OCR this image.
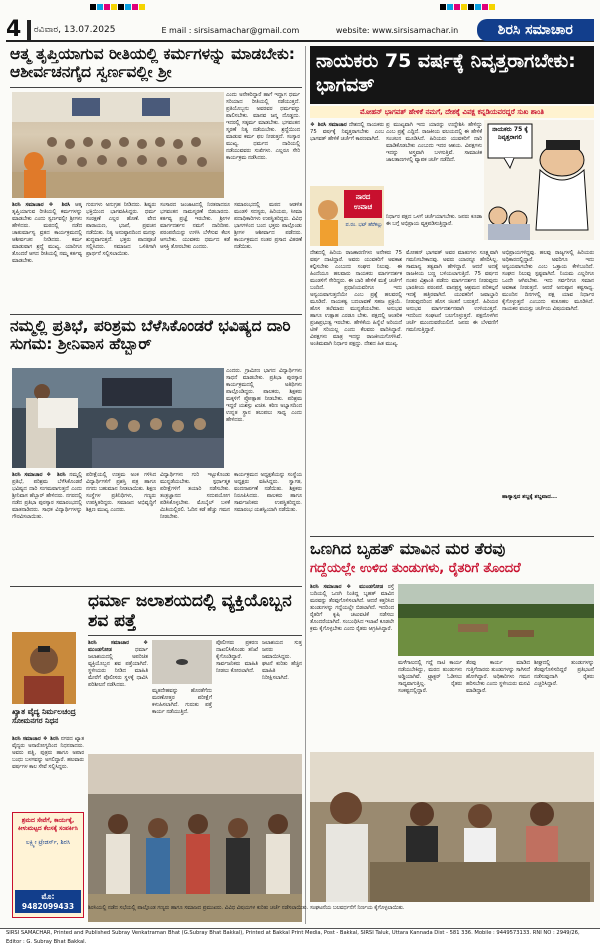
4 ರವಿವಾರ, 13.07.2025	E mail : sirsisamachar@gmail.com	website: www.sirsisamachar.in	ಶಿರಸಿ ಸಮಾಚಾರ
ಆತ್ಮ ತೃಪ್ತಿಯಾಗುವ ರೀತಿಯಲ್ಲಿ ಕರ್ಮಗಳನ್ನು ಮಾಡಬೇಕು: ಆಶೀರ್ವಚನಗೈದ ಸ್ವರ್ಣವಲ್ಲೀ ಶ್ರೀ
ಎಂದು ಅನೇಕರಿದ್ದಾರೆ ಹಾಗೆ ಇದ್ದಾಗ ಧರ್ಮ ಸರಿಯಾದ ರೀತಿಯಲ್ಲಿ ನಡೆಯುತ್ತದೆ. ಪ್ರತಿಯೊಬ್ಬನು ಅವರವರ ಧರ್ಮವನ್ನು ಪಾಲಿಸಬೇಕು. ಮಾನವ ಜನ್ಮ ದೊಡ್ಡದು. ಇದರಲ್ಲಿ ಸತ್ಕರ್ಮ ಮಾಡಬೇಕು. ಭಗವಂತನ ಸ್ಮರಣೆ ನಿತ್ಯ ನಡೆಯಬೇಕು. ಶ್ರದ್ಧೆಯಿಂದ ಮಾಡುವ ಕರ್ಮ ಫಲ ನೀಡುತ್ತದೆ. ಸಂಸ್ಕಾರ ಮುಖ್ಯ. ಧರ್ಮದ ದಾರಿಯಲ್ಲಿ ನಡೆಯುವವರು ಸುಖಿಗಳು. ಎಲ್ಲರೂ ಸೇರಿ ಕಾರ್ಯಕ್ರಮ ನಡೆಸಿದರು.
ಶಿರಸಿ ಸಮಾಚಾರ ❖ ಶಿರಸಿ ಆತ್ಮ ತೃಪ್ತಿಯಾಗುವ ರೀತಿಯಲ್ಲಿ ಕರ್ಮಗಳನ್ನು ಮಾಡಬೇಕು ಎಂದು ಸ್ವರ್ಣವಲ್ಲೀ ಶ್ರೀಗಳು ಹೇಳಿದರು. ಮಠದಲ್ಲಿ ನಡೆದ ಚಾತುರ್ಮಾಸ್ಯ ವ್ರತದ ಕಾರ್ಯಕ್ರಮದಲ್ಲಿ ಆಶೀರ್ವಚನ ನೀಡಿದರು. ಕರ್ಮ ಮಾಡುವಾಗ ಶ್ರದ್ಧೆ ಮುಖ್ಯ. ಯಾರಿಗೂ ತೊಂದರೆ ಆಗದ ರೀತಿಯಲ್ಲಿ ನಮ್ಮ ಕರ್ತವ್ಯ ಮಾಡಬೇಕು.
ಗುರುಗಳು ಅನುಗ್ರಹ ನೀಡಿದರು. ಶಿಷ್ಯರು ಭಕ್ತಿಯಿಂದ ಭಾಗವಹಿಸಿದ್ದರು. ಧರ್ಮ ಸಂರಕ್ಷಣೆ ಎಲ್ಲರ ಹೊಣೆ. ವೇದ ಪಾರಾಯಣ, ಭಜನೆ, ಪ್ರವಚನ ನಡೆಯಿತು. ನಿತ್ಯ ಅನುಷ್ಠಾನದಿಂದ ಮನಸ್ಸು ಶುದ್ಧವಾಗುತ್ತದೆ. ಭಕ್ತರು ಪಾದಪೂಜೆ ಸಲ್ಲಿಸಿದರು. ಸಮಾಜದ ಒಳಿತಿಗಾಗಿ ಪ್ರಾರ್ಥನೆ ಸಲ್ಲಿಸಲಾಯಿತು.
ಸಂಸಾರದ ಜಂಜಾಟದಲ್ಲಿ ನಿರತರಾದರೂ ಭಗವಂತನ ನಾಮಸ್ಮರಣೆ ಬಿಡಬಾರದು. ಕರ್ತವ್ಯ ಪ್ರಜ್ಞೆ ಇರಬೇಕು. ಶ್ರೀಗಳ ಮಾರ್ಗದರ್ಶನ ನಮಗೆ ದಾರಿದೀಪ. ಪರಂಪರೆಯನ್ನು ಉಳಿಸಿ ಬೆಳೆಸುವ ಕೆಲಸ ಆಗಬೇಕು. ಯುವಕರು ಧರ್ಮದ ಕಡೆ ಆಸಕ್ತಿ ತೋರಬೇಕು ಎಂದರು.
ಸಮಾರಂಭದಲ್ಲಿ ಮಠದ ಆಡಳಿತ ಮಂಡಳಿ ಸದಸ್ಯರು, ಹಿರಿಯರು, ಸೀಮಾ ಪದಾಧಿಕಾರಿಗಳು ಉಪಸ್ಥಿತರಿದ್ದರು. ವಿವಿಧ ಭಾಗಗಳಿಂದ ಬಂದ ಭಕ್ತರು ಪಾಲ್ಗೊಂಡು ಶ್ರೀಗಳ ಆಶೀರ್ವಾದ ಪಡೆದರು. ಕಾರ್ಯಕ್ರಮದ ನಂತರ ಪ್ರಸಾದ ವಿತರಣೆ ನಡೆಯಿತು.
ನಮ್ಮಲ್ಲಿ ಪ್ರತಿಭೆ, ಪರಿಶ್ರಮ ಬೆಳೆಸಿಕೊಂಡರೆ ಭವಿಷ್ಯದ ದಾರಿ ಸುಗಮ: ಶ್ರೀನಿವಾಸ ಹೆಬ್ಬಾರ್
ಎಂದರು. ಗ್ರಾಮೀಣ ಭಾಗದ ವಿದ್ಯಾರ್ಥಿಗಳು ಸಾಧನೆ ಮಾಡಬೇಕು. ಪ್ರತಿಭಾ ಪುರಸ್ಕಾರ ಕಾರ್ಯಕ್ರಮದಲ್ಲಿ ಅತಿಥಿಗಳು ಪಾಲ್ಗೊಂಡಿದ್ದರು. ಪಾಲಕರು, ಶಿಕ್ಷಕರು ಮಕ್ಕಳಿಗೆ ಪ್ರೋತ್ಸಾಹ ನೀಡಬೇಕು. ಪರಿಶ್ರಮ ಇದ್ದರೆ ಯಶಸ್ಸು ಖಚಿತ. ಕಠಿಣ ಅಭ್ಯಾಸದಿಂದ ಉನ್ನತ ಸ್ಥಾನ ತಲುಪಲು ಸಾಧ್ಯ ಎಂದು ಹೇಳಿದರು.
ಶಿರಸಿ ಸಮಾಚಾರ ❖ ಶಿರಸಿ ನಮ್ಮಲ್ಲಿ ಪ್ರತಿಭೆ, ಪರಿಶ್ರಮ ಬೆಳೆಸಿಕೊಂಡರೆ ಭವಿಷ್ಯದ ದಾರಿ ಸುಗಮವಾಗುತ್ತದೆ ಎಂದು ಶ್ರೀನಿವಾಸ ಹೆಬ್ಬಾರ್ ಹೇಳಿದರು. ನಗರದಲ್ಲಿ ನಡೆದ ಪ್ರತಿಭಾ ಪುರಸ್ಕಾರ ಸಮಾರಂಭದಲ್ಲಿ ಮಾತನಾಡಿದರು. ಸಾಧಕ ವಿದ್ಯಾರ್ಥಿಗಳನ್ನು ಗೌರವಿಸಲಾಯಿತು.
ಪರೀಕ್ಷೆಯಲ್ಲಿ ಉತ್ತಮ ಅಂಕ ಗಳಿಸಿದ ವಿದ್ಯಾರ್ಥಿಗಳಿಗೆ ಪ್ರಶಸ್ತಿ ಪತ್ರ ಹಾಗೂ ನಗದು ಬಹುಮಾನ ನೀಡಲಾಯಿತು. ಶಿಕ್ಷಣ ಸಂಸ್ಥೆಗಳ ಪ್ರತಿನಿಧಿಗಳು, ಗಣ್ಯರು ಉಪಸ್ಥಿತರಿದ್ದರು. ಸಮಾಜದ ಅಭಿವೃದ್ಧಿಗೆ ಶಿಕ್ಷಣ ಮುಖ್ಯ ಎಂದರು.
ವಿದ್ಯಾರ್ಥಿಗಳು ಗುರಿ ಇಟ್ಟುಕೊಂಡು ಮುನ್ನಡೆಯಬೇಕು. ಸ್ಪರ್ಧಾತ್ಮಕ ಪರೀಕ್ಷೆಗಳಿಗೆ ತಯಾರಿ ನಡೆಸಬೇಕು. ತಂತ್ರಜ್ಞಾನದ ಸದುಪಯೋಗ ಪಡಿಸಿಕೊಳ್ಳಬೇಕು. ಮೊಬೈಲ್ ಬಳಕೆ ಮಿತಿಯಲ್ಲಿರಲಿ. ಓದಿನ ಕಡೆ ಹೆಚ್ಚು ಗಮನ ನೀಡಬೇಕು.
ಕಾರ್ಯಕ್ರಮದ ಅಧ್ಯಕ್ಷತೆಯನ್ನು ಸಂಸ್ಥೆಯ ಅಧ್ಯಕ್ಷರು ವಹಿಸಿದ್ದರು. ಸ್ವಾಗತ, ವಂದನಾರ್ಪಣೆ ನಡೆಯಿತು. ಶಿಕ್ಷಕರು ನಿರೂಪಿಸಿದರು. ಪಾಲಕರು ಹಾಗೂ ಸಾರ್ವಜನಿಕರು ಉಪಸ್ಥಿತರಿದ್ದರು. ಸಮಾರಂಭ ಯಶಸ್ವಿಯಾಗಿ ನಡೆಯಿತು.
ಖ್ಯಾತ ವೈದ್ಯ ನಿರ್ಮಲಚಂದ್ರ ಸೋಮನಗರ ನಿಧನ
ಶಿರಸಿ ಸಮಾಚಾರ ❖ ಶಿರಸಿ ನಗರದ ಖ್ಯಾತ ವೈದ್ಯರು ಅನಾರೋಗ್ಯದಿಂದ ನಿಧನರಾದರು. ಅವರು ಪತ್ನಿ, ಪುತ್ರರು ಹಾಗೂ ಅಪಾರ ಬಂಧು ಬಳಗವನ್ನು ಅಗಲಿದ್ದಾರೆ. ಹಲವಾರು ವರ್ಷಗಳ ಕಾಲ ಸೇವೆ ಸಲ್ಲಿಸಿದ್ದರು.
ಶ್ರಮದ ಸೇವೆಗೆ, ಕಾರ್ಯಕ್ಕೆ, ಕೀಳುಮಟ್ಟದ ಕೆಲಸಕ್ಕೆ ಸಂಪರ್ಕಿಸಿ
ಲಕ್ಷ್ಮೀ ಟ್ರೇಡರ್ಸ್, ಶಿರಸಿ
ಮೊ: 9482099433
ಧರ್ಮಾ ಜಲಾಶಯದಲ್ಲಿ ವ್ಯಕ್ತಿಯೊಬ್ಬನ ಶವ ಪತ್ತೆ
ಶಿರಸಿ ಸಮಾಚಾರ ❖ ಮುಂಡಗೋಡ ಧರ್ಮಾ ಜಲಾಶಯದಲ್ಲಿ ಅಪರಿಚಿತ ವ್ಯಕ್ತಿಯೊಬ್ಬನ ಶವ ಪತ್ತೆಯಾಗಿದೆ. ಸ್ಥಳೀಯರು ನೀಡಿದ ಮಾಹಿತಿ ಮೇರೆಗೆ ಪೊಲೀಸರು ಸ್ಥಳಕ್ಕೆ ಧಾವಿಸಿ ಪರಿಶೀಲನೆ ನಡೆಸಿದರು.
ಮೃತದೇಹವನ್ನು ಹೊರತೆಗೆದು ಮರಣೋತ್ತರ ಪರೀಕ್ಷೆಗೆ ಕಳುಹಿಸಲಾಗಿದೆ. ಗುರುತು ಪತ್ತೆ ಕಾರ್ಯ ನಡೆಯುತ್ತಿದೆ.
ಪೊಲೀಸರು ಪ್ರಕರಣ ದಾಖಲಿಸಿಕೊಂಡು ತನಿಖೆ ಕೈಗೊಂಡಿದ್ದಾರೆ. ಸಾರ್ವಜನಿಕರು ಮಾಹಿತಿ ನೀಡಲು ಕೋರಲಾಗಿದೆ.
ಜಲಾಶಯದ ಸುತ್ತ ಜನರು ಜಮಾಯಿಸಿದ್ದರು. ಘಟನೆ ಕುರಿತು ಹೆಚ್ಚಿನ ಮಾಹಿತಿ ನಿರೀಕ್ಷಿಸಲಾಗಿದೆ.
ನಾಯಕರು 75 ವರ್ಷಕ್ಕೆ ನಿವೃತ್ತರಾಗಬೇಕು: ಭಾಗವತ್
ಮೋಹನ್ ಭಾಗವತ್ ಹೇಳಿಕೆ ನಮಗೆ, ದೇಶಕ್ಕೆ ವಿಪಕ್ಷ ಕನ್ನಡಿಯವರದ್ದರೆ ಸುಖ ಶಾಂತಿ
❖ ಶಿರಸಿ ಸಮಾಚಾರ ದೇಶದಲ್ಲಿ ನಾಯಕರು 75 ವರ್ಷಕ್ಕೆ ನಿವೃತ್ತರಾಗಬೇಕು ಎಂಬ ಭಾಗವತ್ ಹೇಳಿಕೆ ಚರ್ಚೆಗೆ ಕಾರಣವಾಗಿದೆ.
ಪ್ರ ಮುಖ್ಯವಾಗಿ ಇದು ಯಾರನ್ನು ಉದ್ದೇಶಿಸಿ ಹೇಳಿದ್ದು ಎಂಬ ಪ್ರಶ್ನೆ ಎದ್ದಿದೆ. ರಾಜಕೀಯ ವಲಯದಲ್ಲಿ ಈ ಹೇಳಿಕೆ ಸಂಚಲನ ಮೂಡಿಸಿದೆ. ಹಿರಿಯರು ಯುವಕರಿಗೆ ದಾರಿ ಮಾಡಿಕೊಡಬೇಕು ಎಂಬುದು ಇದರ ಆಶಯ. ವಿಪಕ್ಷಗಳು ಇದನ್ನು ಅಸ್ತ್ರವಾಗಿ ಬಳಸುತ್ತಿವೆ. ಸಾಮಾಜಿಕ ಜಾಲತಾಣಗಳಲ್ಲಿ ವ್ಯಾಪಕ ಚರ್ಚೆ ನಡೆದಿದೆ.
ನಾಯಕರು 75 ಕ್ಕೆ ನಿವೃತ್ತರಾಗಲಿ
ನಾರದ ಉವಾಚ
ಪ.ರಂ. ಭಟ್ ಹೆರೆಕಲ್ಲು
ನಿರ್ಧಾರ ಪಕ್ಷದ ಒಳಗೆ ಚರ್ಚೆಯಾಗಬೇಕು. ಜನರು ಕೂಡಾ ಈ ಬಗ್ಗೆ ಅಭಿಪ್ರಾಯ ವ್ಯಕ್ತಪಡಿಸುತ್ತಿದ್ದಾರೆ.
ದೇಶದಲ್ಲಿ ಹಿರಿಯ ರಾಜಕಾರಣಿಗಳು ಅನೇಕರು 75 ವರ್ಷ ದಾಟಿದ್ದಾರೆ. ಅವರು ಯುವಕರಿಗೆ ಅವಕಾಶ ಕಲ್ಪಿಸಬೇಕು ಎಂಬುದು ಸಂಘದ ನಿಲುವು. ಈ ಹಿಂದೆಯೂ ಹಲವಾರು ನಾಯಕರು ಮಾರ್ಗದರ್ಶಕ ಮಂಡಳಿಗೆ ಸೇರಿದ್ದರು. ಈ ಬಾರಿ ಹೇಳಿಕೆ ಮತ್ತೆ ಚರ್ಚೆಗೆ ಬಂದಿದೆ. ಪ್ರಧಾನಿಯವರಿಗೂ ಇದು ಅನ್ವಯವಾಗುತ್ತದೆಯೇ ಎಂಬ ಪ್ರಶ್ನೆ ಹಲವರಲ್ಲಿ ಮೂಡಿದೆ. ನಾಯಕತ್ವ ಬದಲಾವಣೆ ಸಹಜ ಪ್ರಕ್ರಿಯೆ. ಹೊಸ ತಲೆಮಾರು ಮುನ್ನಡೆಯಬೇಕು. ಅನುಭವ ಹಾಗೂ ಉತ್ಸಾಹ ಎರಡೂ ಬೇಕು. ಪಕ್ಷದಲ್ಲಿ ಆಂತರಿಕ ಪ್ರಜಾಪ್ರಭುತ್ವ ಇರಬೇಕು. ಹೇಳಿಕೆಯ ಹಿನ್ನೆಲೆ ಅರಿಯದೆ ಟೀಕೆ ಸರಿಯಲ್ಲ ಎಂದು ಕೆಲವರು ವಾದಿಸಿದ್ದಾರೆ. ವಿಪಕ್ಷಗಳು ಮಾತ್ರ ಇದನ್ನು ರಾಜಕೀಯಗೊಳಿಸಿವೆ. ಅಂತಿಮವಾಗಿ ನಿರ್ಧಾರ ಪಕ್ಷದ್ದು. ದೇಶದ ಹಿತ ಮುಖ್ಯ.
ಮೋಹನ್ ಭಾಗವತ್ ಅವರ ಮಾತುಗಳು ಸೂಕ್ಷ್ಮವಾಗಿ ಗಮನಿಸಬೇಕಾದವು. ಅವರು ಯಾರನ್ನೂ ಹೆಸರಿಸಿಲ್ಲ. ಸಾಮಾನ್ಯ ತತ್ವವಾಗಿ ಹೇಳಿದ್ದಾರೆ. ಆದರೆ ಅದಕ್ಕೆ ರಾಜಕೀಯ ಬಣ್ಣ ಬಳಿಯಲಾಗುತ್ತಿದೆ. 75 ವರ್ಷದ ನಂತರ ವಿಶ್ರಾಂತಿ ಪಡೆದು ಮಾರ್ಗದರ್ಶನ ನೀಡುವುದು ಭಾರತೀಯ ಪರಂಪರೆ. ವಾನಪ್ರಸ್ಥ ಆಶ್ರಮದ ಪರಿಕಲ್ಪನೆ ಇದಕ್ಕೆ ಹತ್ತಿರವಾಗಿದೆ. ಯುವಕರಿಗೆ ಜವಾಬ್ದಾರಿ ನೀಡುವುದರಿಂದ ಹೊಸ ಚಿಂತನೆ ಬರುತ್ತದೆ. ಹಿರಿಯರ ಅನುಭವ ಮಾರ್ಗದರ್ಶನವಾಗಿ ಉಳಿಯುತ್ತದೆ. ಇದರಿಂದ ಸಂಘಟನೆ ಬಲಗೊಳ್ಳುತ್ತದೆ. ಪಕ್ಷದೊಳಗಿನ ಚರ್ಚೆ ಮುಂದುವರೆಯಲಿದೆ. ಜನರು ಈ ಬೆಳವಣಿಗೆ ಗಮನಿಸುತ್ತಿದ್ದಾರೆ.
ಅಭಿಪ್ರಾಯಗಳಿದ್ದವು. ಹಲವು ರಾಜ್ಯಗಳಲ್ಲಿ ಹಿರಿಯರು ಅಧಿಕಾರದಲ್ಲಿದ್ದಾರೆ. ಅವರಿಗೂ ಇದು ಅನ್ವಯವಾಗಬೇಕು ಎಂಬ ಒತ್ತಾಯ ಕೇಳಿಬಂದಿದೆ. ಸಂಘದ ನಿಲುವು ಸ್ಪಷ್ಟವಾಗಿದೆ. ನಿಯಮ ಎಲ್ಲರಿಗೂ ಒಂದೇ ಆಗಿರಬೇಕು. ಇದು ಸರ್ವರಿಗೂ ಸಮಾನ ಅವಕಾಶ ನೀಡುತ್ತದೆ. ಆದರೆ ಅನುಷ್ಠಾನ ಕಷ್ಟಸಾಧ್ಯ. ಮುಂದಿನ ದಿನಗಳಲ್ಲಿ ಪಕ್ಷ ಯಾವ ನಿರ್ಧಾರ ಕೈಗೊಳ್ಳುತ್ತದೆ ಎಂಬುದು ಕುತೂಹಲ ಮೂಡಿಸಿದೆ. ನಾಯಕರ ವಯಸ್ಸು ಚರ್ಚೆಯ ವಿಷಯವಾಗಿದೆ.
ಹಾಸ್ಯಾಸ್ಪದ ಶಬ್ದಕ್ಕೆ ಶಬ್ದವಾದ...
ಒಣಗಿದ ಬೃಹತ್ ಮಾವಿನ ಮರ ತೆರವು
ಗದ್ದೆಯಲ್ಲೇ ಉಳಿದ ತುಂಡುಗಳು, ರೈತರಿಗೆ ತೊಂದರೆ
ಶಿರಸಿ ಸಮಾಚಾರ ❖ ಮುಂಡಗೋಡ ರಸ್ತೆ ಬದಿಯಲ್ಲಿ ಒಣಗಿ ನಿಂತಿದ್ದ ಬೃಹತ್ ಮಾವಿನ ಮರವನ್ನು ತೆರವುಗೊಳಿಸಲಾಗಿದೆ. ಆದರೆ ಕತ್ತರಿಸಿದ ತುಂಡುಗಳನ್ನು ಗದ್ದೆಯಲ್ಲೇ ಬಿಡಲಾಗಿದೆ. ಇದರಿಂದ ರೈತರಿಗೆ ಕೃಷಿ ಚಟುವಟಿಕೆ ನಡೆಸಲು ತೊಂದರೆಯಾಗಿದೆ. ಸಂಬಂಧಿಸಿದ ಇಲಾಖೆ ಕೂಡಲೇ ಕ್ರಮ ಕೈಗೊಳ್ಳಬೇಕು ಎಂದು ರೈತರು ಆಗ್ರಹಿಸಿದ್ದಾರೆ.
ಮಳೆಗಾಲದಲ್ಲಿ ಗದ್ದೆ ನಾಟಿ ಕಾರ್ಯ ನಡೆಯಬೇಕಿದ್ದು, ಮರದ ತುಂಡುಗಳು ಅಡ್ಡಿಯಾಗಿವೆ. ಟ್ರ್ಯಾಕ್ಟರ್ ಓಡಿಸಲು ಸಾಧ್ಯವಾಗುತ್ತಿಲ್ಲ. ರೈತರು ಸಂಕಷ್ಟದಲ್ಲಿದ್ದಾರೆ.
ತೆರವು ಕಾರ್ಯ ಮಾಡಿದ ಗುತ್ತಿಗೆದಾರರು ತುಂಡುಗಳನ್ನು ಸಾಗಿಸದೆ ಹೋಗಿದ್ದಾರೆ. ಅಧಿಕಾರಿಗಳು ಗಮನ ಹರಿಸಬೇಕು ಎಂದು ಸ್ಥಳೀಯರು ಮನವಿ ಮಾಡಿದ್ದಾರೆ.
ಶೀಘ್ರದಲ್ಲಿ ತುಂಡುಗಳನ್ನು ತೆರವುಗೊಳಿಸದಿದ್ದರೆ ಪ್ರತಿಭಟನೆ ನಡೆಸುವುದಾಗಿ ರೈತರು ಎಚ್ಚರಿಸಿದ್ದಾರೆ.
ಶಿರಸಿಯಲ್ಲಿ ನಡೆದ ಸಭೆಯಲ್ಲಿ ಪಾಲ್ಗೊಂಡ ಗಣ್ಯರು ಹಾಗೂ ಸಮಾಜದ ಪ್ರಮುಖರು. ವಿವಿಧ ವಿಷಯಗಳ ಕುರಿತು ಚರ್ಚೆ ನಡೆಸಲಾಯಿತು. ಸಂಘಟನೆಯ ಬಲವರ್ಧನೆಗೆ ನಿರ್ಣಯ ಕೈಗೊಳ್ಳಲಾಯಿತು.
SIRSI SAMACHAR, Printed and Published Subray Venkatraman Bhat (G.Subray Bhat Bakkal), Printed at Bakkal Print Media, Post - Bakkal, SIRSI Taluk, Uttara Kannada Dist - 581 336. Mobile : 9449573133. RNI NO : 2949/26, Editor : G. Subray Bhat Bakkal.
